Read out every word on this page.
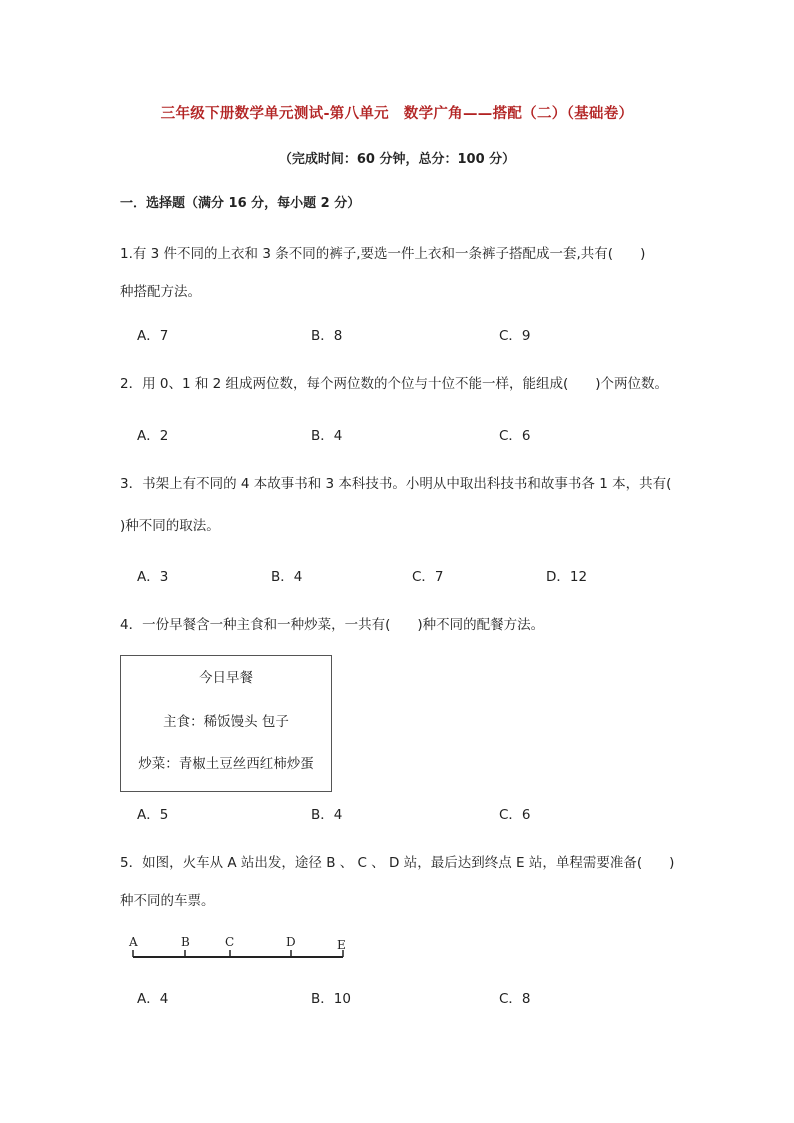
三年级下册数学单元测试-第八单元　数学广角——搭配（二）（基础卷）
（完成时间：60 分钟，总分：100 分）
一．选择题（满分 16 分，每小题 2 分）
1.有 3 件不同的上衣和 3 条不同的裤子,要选一件上衣和一条裤子搭配成一套,共有(　　)
种搭配方法。
A．7	B．8	C．9
2．用 0、1 和 2 组成两位数，每个两位数的个位与十位不能一样，能组成(　　)个两位数。
A．2	B．4	C．6
3．书架上有不同的 4 本故事书和 3 本科技书。小明从中取出科技书和故事书各 1 本，共有(
)种不同的取法。
A．3	B．4	C．7	D．12
4．一份早餐含一种主食和一种炒菜，一共有(　　)种不同的配餐方法。
今日早餐
主食：稀饭馒头 包子
炒菜：青椒土豆丝西红柿炒蛋
A．5	B．4	C．6
5．如图，火车从 A 站出发，途径 B 、 C 、 D 站，最后达到终点 E 站，单程需要准备(　　)
种不同的车票。
A	B	C	D	E
A．4	B．10	C．8
